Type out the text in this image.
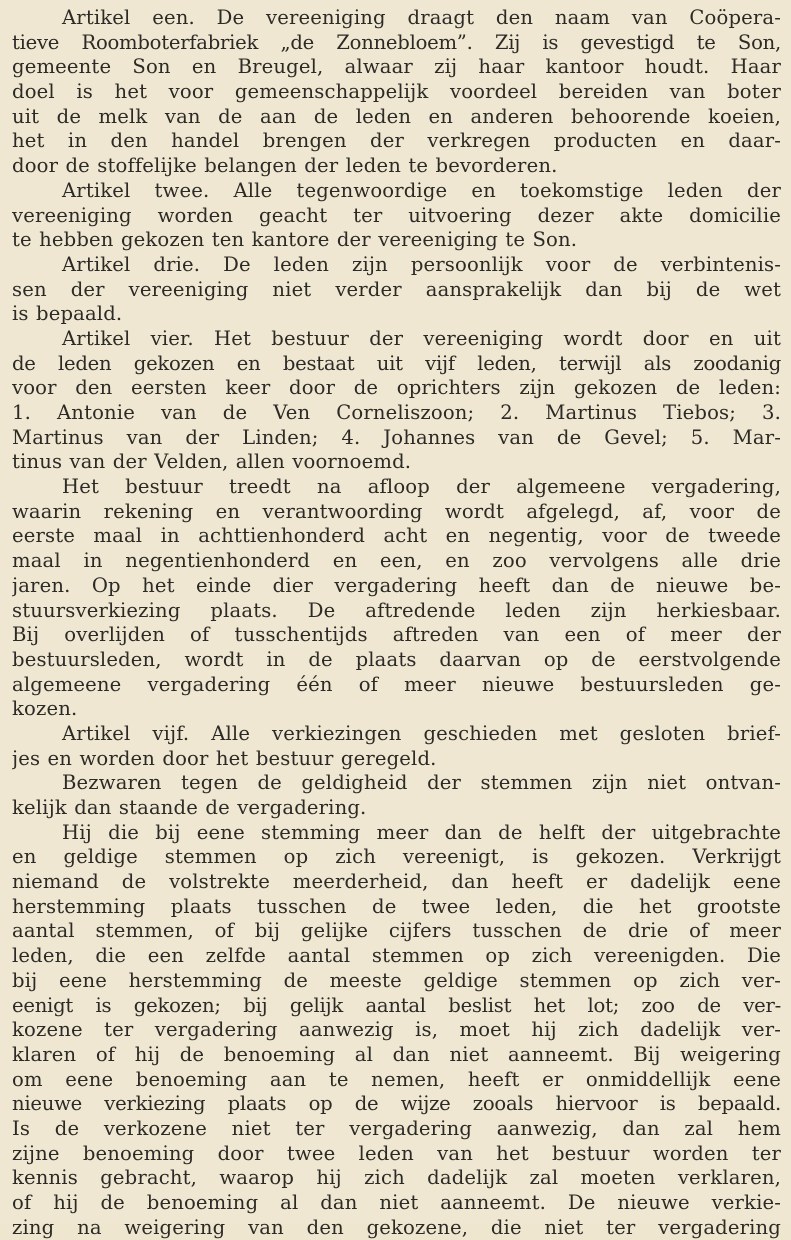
Artikel een. De vereeniging draagt den naam van Coöpera-
tieve Roomboterfabriek „de Zonnebloem”. Zij is gevestigd te Son,
gemeente Son en Breugel, alwaar zij haar kantoor houdt. Haar
doel is het voor gemeenschappelijk voordeel bereiden van boter
uit de melk van de aan de leden en anderen behoorende koeien,
het in den handel brengen der verkregen producten en daar-
door de stoffelijke belangen der leden te bevorderen.
Artikel twee. Alle tegenwoordige en toekomstige leden der
vereeniging worden geacht ter uitvoering dezer akte domicilie
te hebben gekozen ten kantore der vereeniging te Son.
Artikel drie. De leden zijn persoonlijk voor de verbintenis-
sen der vereeniging niet verder aansprakelijk dan bij de wet
is bepaald.
Artikel vier. Het bestuur der vereeniging wordt door en uit
de leden gekozen en bestaat uit vijf leden, terwijl als zoodanig
voor den eersten keer door de oprichters zijn gekozen de leden:
1. Antonie van de Ven Corneliszoon; 2. Martinus Tiebos; 3.
Martinus van der Linden; 4. Johannes van de Gevel; 5. Mar-
tinus van der Velden, allen voornoemd.
Het bestuur treedt na afloop der algemeene vergadering,
waarin rekening en verantwoording wordt afgelegd, af, voor de
eerste maal in achttienhonderd acht en negentig, voor de tweede
maal in negentienhonderd en een, en zoo vervolgens alle drie
jaren. Op het einde dier vergadering heeft dan de nieuwe be-
stuursverkiezing plaats. De aftredende leden zijn herkiesbaar.
Bij overlijden of tusschentijds aftreden van een of meer der
bestuursleden, wordt in de plaats daarvan op de eerstvolgende
algemeene vergadering één of meer nieuwe bestuursleden ge-
kozen.
Artikel vijf. Alle verkiezingen geschieden met gesloten brief-
jes en worden door het bestuur geregeld.
Bezwaren tegen de geldigheid der stemmen zijn niet ontvan-
kelijk dan staande de vergadering.
Hij die bij eene stemming meer dan de helft der uitgebrachte
en geldige stemmen op zich vereenigt, is gekozen. Verkrijgt
niemand de volstrekte meerderheid, dan heeft er dadelijk eene
herstemming plaats tusschen de twee leden, die het grootste
aantal stemmen, of bij gelijke cijfers tusschen de drie of meer
leden, die een zelfde aantal stemmen op zich vereenigden. Die
bij eene herstemming de meeste geldige stemmen op zich ver-
eenigt is gekozen; bij gelijk aantal beslist het lot; zoo de ver-
kozene ter vergadering aanwezig is, moet hij zich dadelijk ver-
klaren of hij de benoeming al dan niet aanneemt. Bij weigering
om eene benoeming aan te nemen, heeft er onmiddellijk eene
nieuwe verkiezing plaats op de wijze zooals hiervoor is bepaald.
Is de verkozene niet ter vergadering aanwezig, dan zal hem
zijne benoeming door twee leden van het bestuur worden ter
kennis gebracht, waarop hij zich dadelijk zal moeten verklaren,
of hij de benoeming al dan niet aanneemt. De nieuwe verkie-
zing na weigering van den gekozene, die niet ter vergadering
